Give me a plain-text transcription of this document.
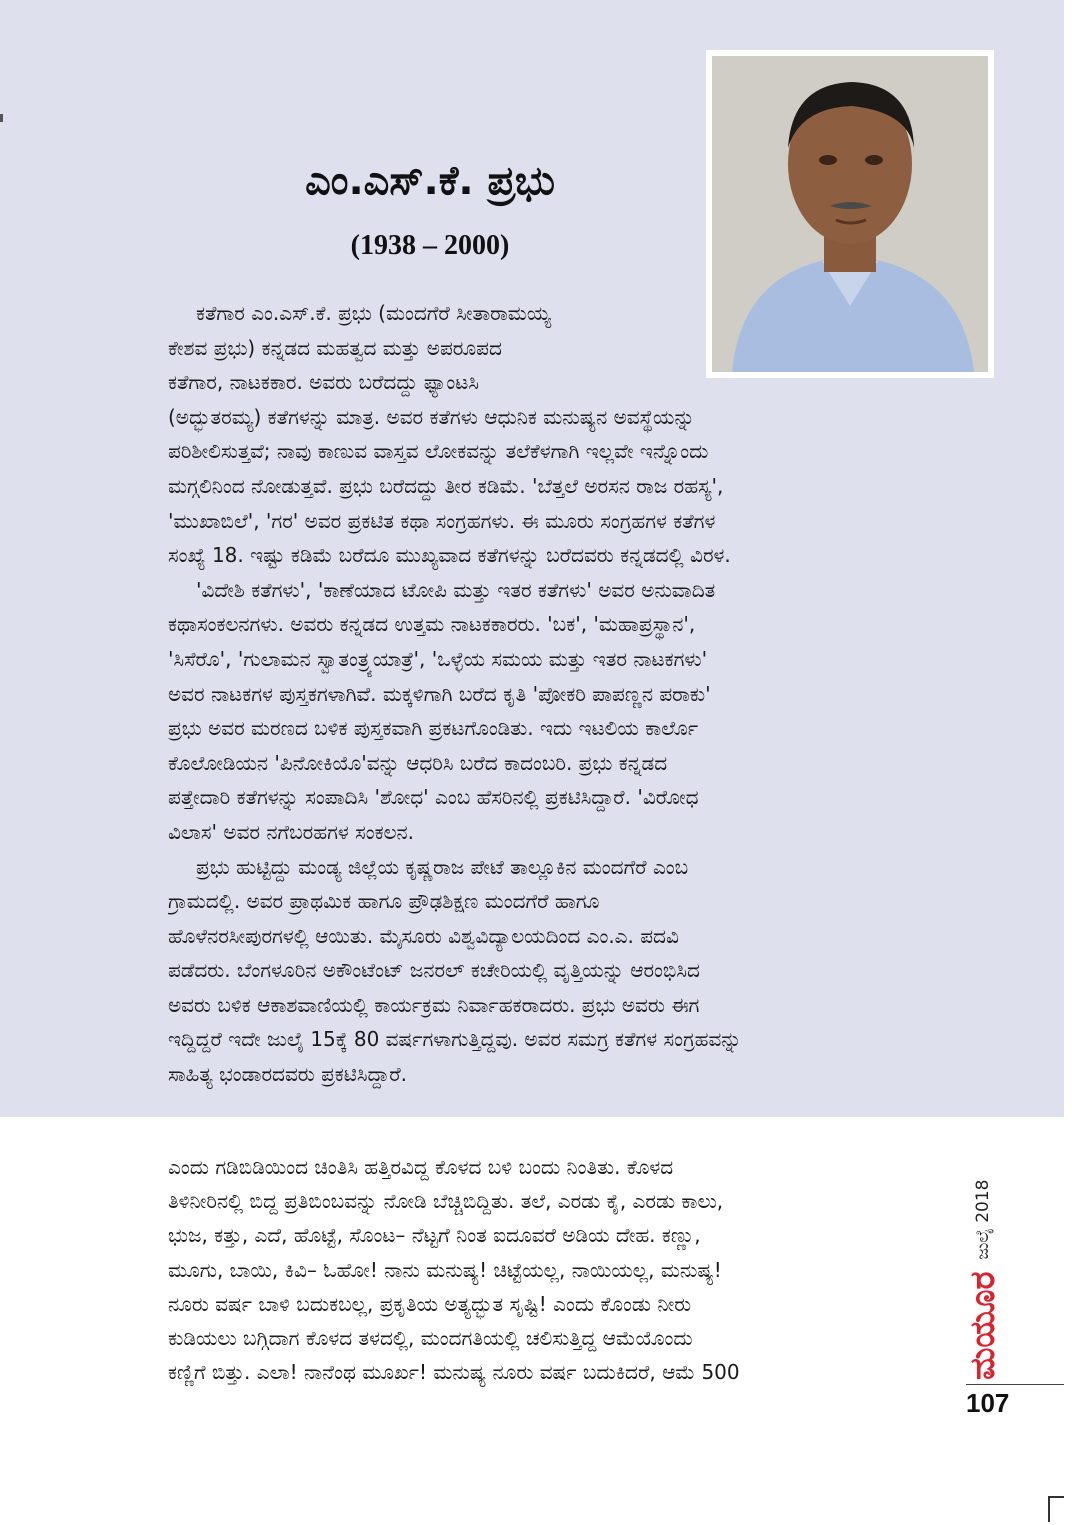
ಎಂ.ಎಸ್.ಕೆ. ಪ್ರಭು
(1938 – 2000)
ಕತೆಗಾರ ಎಂ.ಎಸ್.ಕೆ. ಪ್ರಭು (ಮಂದಗೆರೆ ಸೀತಾರಾಮಯ್ಯ
ಕೇಶವ ಪ್ರಭು) ಕನ್ನಡದ ಮಹತ್ವದ ಮತ್ತು ಅಪರೂಪದ
ಕತೆಗಾರ, ನಾಟಕಕಾರ. ಅವರು ಬರೆದದ್ದು ಫ್ಯಾಂಟಸಿ
(ಅದ್ಭುತರಮ್ಯ) ಕತೆಗಳನ್ನು ಮಾತ್ರ. ಅವರ ಕತೆಗಳು ಆಧುನಿಕ ಮನುಷ್ಯನ ಅವಸ್ಥೆಯನ್ನು
ಪರಿಶೀಲಿಸುತ್ತವೆ; ನಾವು ಕಾಣುವ ವಾಸ್ತವ ಲೋಕವನ್ನು ತಲೆಕೆಳಗಾಗಿ ಇಲ್ಲವೇ ಇನ್ನೊಂದು
ಮಗ್ಗಲಿನಿಂದ ನೋಡುತ್ತವೆ. ಪ್ರಭು ಬರೆದದ್ದು ತೀರ ಕಡಿಮೆ. 'ಬೆತ್ತಲೆ ಅರಸನ ರಾಜ ರಹಸ್ಯ',
'ಮುಖಾಬಿಲೆ', 'ಗರ' ಅವರ ಪ್ರಕಟಿತ ಕಥಾ ಸಂಗ್ರಹಗಳು. ಈ ಮೂರು ಸಂಗ್ರಹಗಳ ಕತೆಗಳ
ಸಂಖ್ಯೆ 18. ಇಷ್ಟು ಕಡಿಮೆ ಬರೆದೂ ಮುಖ್ಯವಾದ ಕತೆಗಳನ್ನು ಬರೆದವರು ಕನ್ನಡದಲ್ಲಿ ವಿರಳ.
'ವಿದೇಶಿ ಕತೆಗಳು', 'ಕಾಣೆಯಾದ ಟೋಪಿ ಮತ್ತು ಇತರ ಕತೆಗಳು' ಅವರ ಅನುವಾದಿತ
ಕಥಾಸಂಕಲನಗಳು. ಅವರು ಕನ್ನಡದ ಉತ್ತಮ ನಾಟಕಕಾರರು. 'ಬಕ', 'ಮಹಾಪ್ರಸ್ಥಾನ',
'ಸಿಸೆರೊ', 'ಗುಲಾಮನ ಸ್ವಾತಂತ್ರ್ಯಯಾತ್ರೆ', 'ಒಳ್ಳೆಯ ಸಮಯ ಮತ್ತು ಇತರ ನಾಟಕಗಳು'
ಅವರ ನಾಟಕಗಳ ಪುಸ್ತಕಗಳಾಗಿವೆ. ಮಕ್ಕಳಿಗಾಗಿ ಬರೆದ ಕೃತಿ 'ಪೋಕರಿ ಪಾಪಣ್ಣನ ಪರಾಕು'
ಪ್ರಭು ಅವರ ಮರಣದ ಬಳಿಕ ಪುಸ್ತಕವಾಗಿ ಪ್ರಕಟಗೊಂಡಿತು. ಇದು ಇಟಲಿಯ ಕಾರ್ಲೊ
ಕೊಲೋಡಿಯನ 'ಪಿನೋಕಿಯೊ'ವನ್ನು ಆಧರಿಸಿ ಬರೆದ ಕಾದಂಬರಿ. ಪ್ರಭು ಕನ್ನಡದ
ಪತ್ತೇದಾರಿ ಕತೆಗಳನ್ನು ಸಂಪಾದಿಸಿ 'ಶೋಧ' ಎಂಬ ಹೆಸರಿನಲ್ಲಿ ಪ್ರಕಟಿಸಿದ್ದಾರೆ. 'ವಿರೋಧ
ವಿಲಾಸ' ಅವರ ನಗೆಬರಹಗಳ ಸಂಕಲನ.
ಪ್ರಭು ಹುಟ್ಟಿದ್ದು ಮಂಡ್ಯ ಜಿಲ್ಲೆಯ ಕೃಷ್ಣರಾಜ ಪೇಟೆ ತಾಲ್ಲೂಕಿನ ಮಂದಗೆರೆ ಎಂಬ
ಗ್ರಾಮದಲ್ಲಿ. ಅವರ ಪ್ರಾಥಮಿಕ ಹಾಗೂ ಪ್ರೌಢಶಿಕ್ಷಣ ಮಂದಗೆರೆ ಹಾಗೂ
ಹೊಳೆನರಸೀಪುರಗಳಲ್ಲಿ ಆಯಿತು. ಮೈಸೂರು ವಿಶ್ವವಿದ್ಯಾಲಯದಿಂದ ಎಂ.ಎ. ಪದವಿ
ಪಡೆದರು. ಬೆಂಗಳೂರಿನ ಅಕೌಂಟೆಂಟ್ ಜನರಲ್ ಕಚೇರಿಯಲ್ಲಿ ವೃತ್ತಿಯನ್ನು ಆರಂಭಿಸಿದ
ಅವರು ಬಳಿಕ ಆಕಾಶವಾಣಿಯಲ್ಲಿ ಕಾರ್ಯಕ್ರಮ ನಿರ್ವಾಹಕರಾದರು. ಪ್ರಭು ಅವರು ಈಗ
ಇದ್ದಿದ್ದರೆ ಇದೇ ಜುಲೈ 15ಕ್ಕೆ 80 ವರ್ಷಗಳಾಗುತ್ತಿದ್ದವು. ಅವರ ಸಮಗ್ರ ಕತೆಗಳ ಸಂಗ್ರಹವನ್ನು
ಸಾಹಿತ್ಯ ಭಂಡಾರದವರು ಪ್ರಕಟಿಸಿದ್ದಾರೆ.
ಎಂದು ಗಡಿಬಿಡಿಯಿಂದ ಚಿಂತಿಸಿ ಹತ್ತಿರವಿದ್ದ ಕೊಳದ ಬಳಿ ಬಂದು ನಿಂತಿತು. ಕೊಳದ
ತಿಳಿನೀರಿನಲ್ಲಿ ಬಿದ್ದ ಪ್ರತಿಬಿಂಬವನ್ನು ನೋಡಿ ಬೆಚ್ಚಿಬಿದ್ದಿತು. ತಲೆ, ಎರಡು ಕೈ, ಎರಡು ಕಾಲು,
ಭುಜ, ಕತ್ತು, ಎದೆ, ಹೊಟ್ಟೆ, ಸೊಂಟ– ನೆಟ್ಟಗೆ ನಿಂತ ಐದೂವರೆ ಅಡಿಯ ದೇಹ. ಕಣ್ಣು,
ಮೂಗು, ಬಾಯಿ, ಕಿವಿ– ಓಹೋ! ನಾನು ಮನುಷ್ಯ! ಚಿಟ್ಟೆಯಲ್ಲ, ನಾಯಿಯಲ್ಲ, ಮನುಷ್ಯ!
ನೂರು ವರ್ಷ ಬಾಳಿ ಬದುಕಬಲ್ಲ, ಪ್ರಕೃತಿಯ ಅತ್ಯದ್ಭುತ ಸೃಷ್ಟಿ! ಎಂದು ಕೊಂಡು ನೀರು
ಕುಡಿಯಲು ಬಗ್ಗಿದಾಗ ಕೊಳದ ತಳದಲ್ಲಿ, ಮಂದಗತಿಯಲ್ಲಿ ಚಲಿಸುತ್ತಿದ್ದ ಆಮೆಯೊಂದು
ಕಣ್ಣಿಗೆ ಬಿತ್ತು. ಎಲಾ! ನಾನೆಂಥ ಮೂರ್ಖ! ಮನುಷ್ಯ ನೂರು ವರ್ಷ ಬದುಕಿದರೆ, ಆಮೆ 500	ಮಯೂರ
ಜುಲೈ 2018
107
